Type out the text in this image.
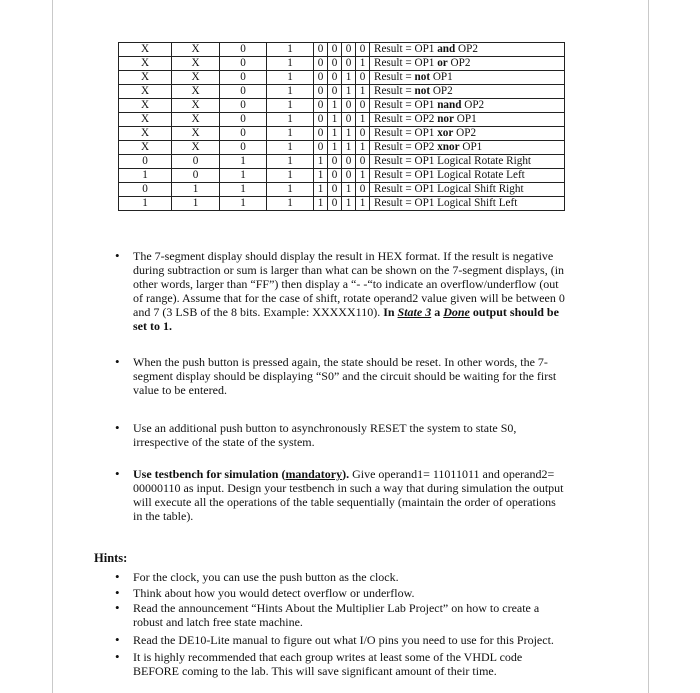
X	X	0	1	0	0	0	0	Result = OP1 and OP2
X	X	0	1	0	0	0	1	Result = OP1 or OP2
X	X	0	1	0	0	1	0	Result = not OP1
X	X	0	1	0	0	1	1	Result = not OP2
X	X	0	1	0	1	0	0	Result = OP1 nand OP2
X	X	0	1	0	1	0	1	Result = OP2 nor OP1
X	X	0	1	0	1	1	0	Result = OP1 xor OP2
X	X	0	1	0	1	1	1	Result = OP2 xnor OP1
0	0	1	1	1	0	0	0	Result = OP1 Logical Rotate Right
1	0	1	1	1	0	0	1	Result = OP1 Logical Rotate Left
0	1	1	1	1	0	1	0	Result = OP1 Logical Shift Right
1	1	1	1	1	0	1	1	Result = OP1 Logical Shift Left
• The 7-segment display should display the result in HEX format. If the result is negative
during subtraction or sum is larger than what can be shown on the 7-segment displays, (in
other words, larger than “FF”) then display a “- -“to indicate an overflow/underflow (out
of range). Assume that for the case of shift, rotate operand2 value given will be between 0
and 7 (3 LSB of the 8 bits. Example: XXXXX110). In State 3 a Done output should be
set to 1.
• When the push button is pressed again, the state should be reset. In other words, the 7-
segment display should be displaying “S0” and the circuit should be waiting for the first
value to be entered.
• Use an additional push button to asynchronously RESET the system to state S0,
irrespective of the state of the system.
• Use testbench for simulation (mandatory). Give operand1= 11011011 and operand2=
00000110 as input. Design your testbench in such a way that during simulation the output
will execute all the operations of the table sequentially (maintain the order of operations
in the table).
Hints:
• For the clock, you can use the push button as the clock.
• Think about how you would detect overflow or underflow.
• Read the announcement “Hints About the Multiplier Lab Project” on how to create a
robust and latch free state machine.
• Read the DE10-Lite manual to figure out what I/O pins you need to use for this Project.
• It is highly recommended that each group writes at least some of the VHDL code
BEFORE coming to the lab. This will save significant amount of their time.
